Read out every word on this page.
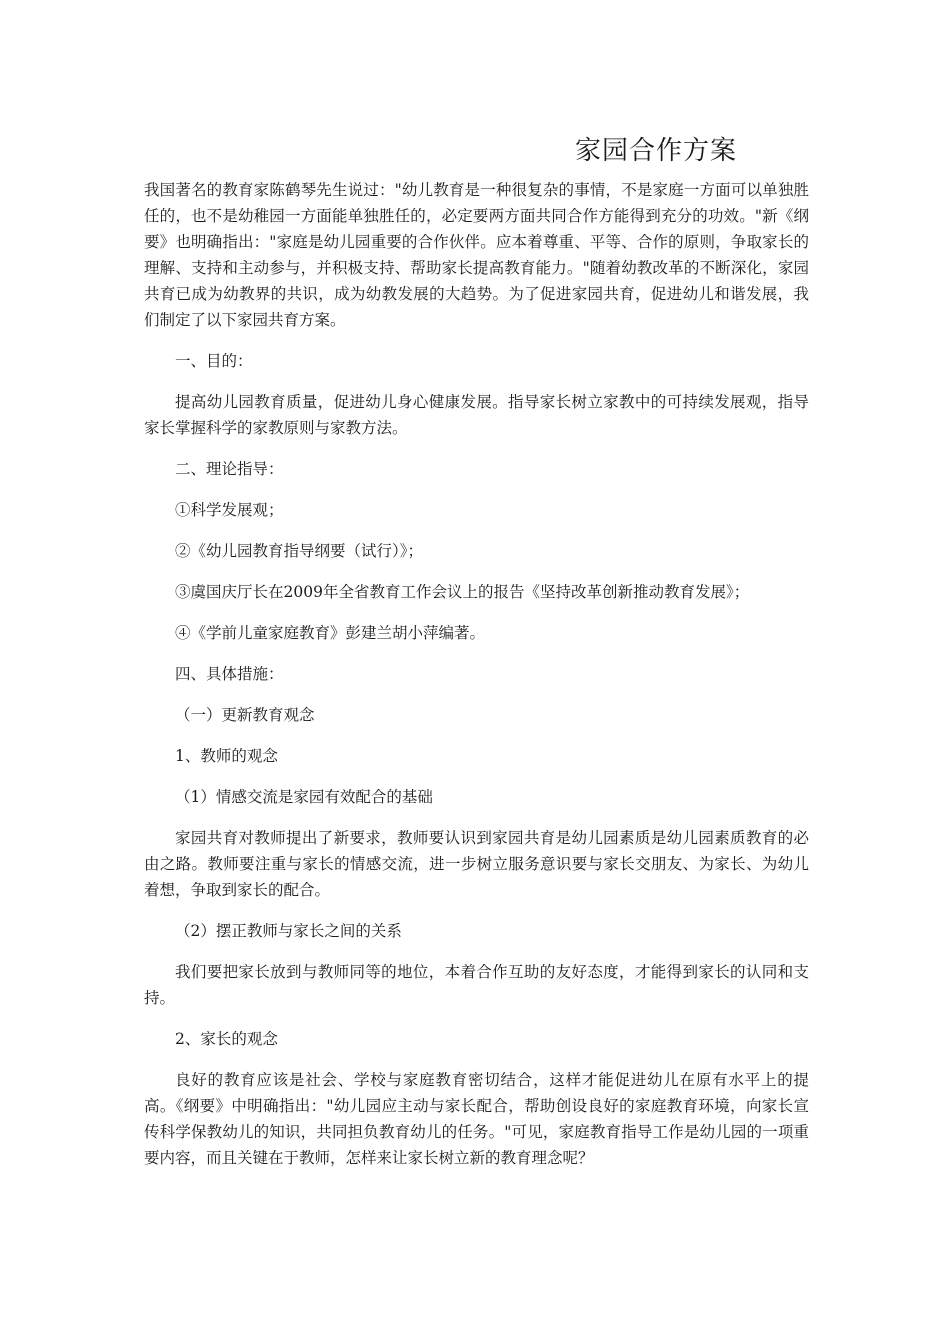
家园合作方案

我国著名的教育家陈鹤琴先生说过："幼儿教育是一种很复杂的事情，不是家庭一方面可以单独胜任的，也不是幼稚园一方面能单独胜任的，必定要两方面共同合作方能得到充分的功效。"新《纲要》也明确指出："家庭是幼儿园重要的合作伙伴。应本着尊重、平等、合作的原则，争取家长的理解、支持和主动参与，并积极支持、帮助家长提高教育能力。"随着幼教改革的不断深化，家园共育已成为幼教界的共识，成为幼教发展的大趋势。为了促进家园共育，促进幼儿和谐发展，我们制定了以下家园共育方案。

一、目的：

提高幼儿园教育质量，促进幼儿身心健康发展。指导家长树立家教中的可持续发展观，指导家长掌握科学的家教原则与家教方法。

二、理论指导：

①科学发展观；

②《幼儿园教育指导纲要（试行）》；

③虞国庆厅长在2009年全省教育工作会议上的报告《坚持改革创新推动教育发展》；

④《学前儿童家庭教育》彭建兰胡小萍编著。

四、具体措施：

（一）更新教育观念

1、教师的观念

（1）情感交流是家园有效配合的基础

家园共育对教师提出了新要求，教师要认识到家园共育是幼儿园素质是幼儿园素质教育的必由之路。教师要注重与家长的情感交流，进一步树立服务意识要与家长交朋友、为家长、为幼儿着想，争取到家长的配合。

（2）摆正教师与家长之间的关系

我们要把家长放到与教师同等的地位，本着合作互助的友好态度，才能得到家长的认同和支持。

2、家长的观念

良好的教育应该是社会、学校与家庭教育密切结合，这样才能促进幼儿在原有水平上的提高。《纲要》中明确指出："幼儿园应主动与家长配合，帮助创设良好的家庭教育环境，向家长宣传科学保教幼儿的知识，共同担负教育幼儿的任务。"可见，家庭教育指导工作是幼儿园的一项重要内容，而且关键在于教师，怎样来让家长树立新的教育理念呢？
